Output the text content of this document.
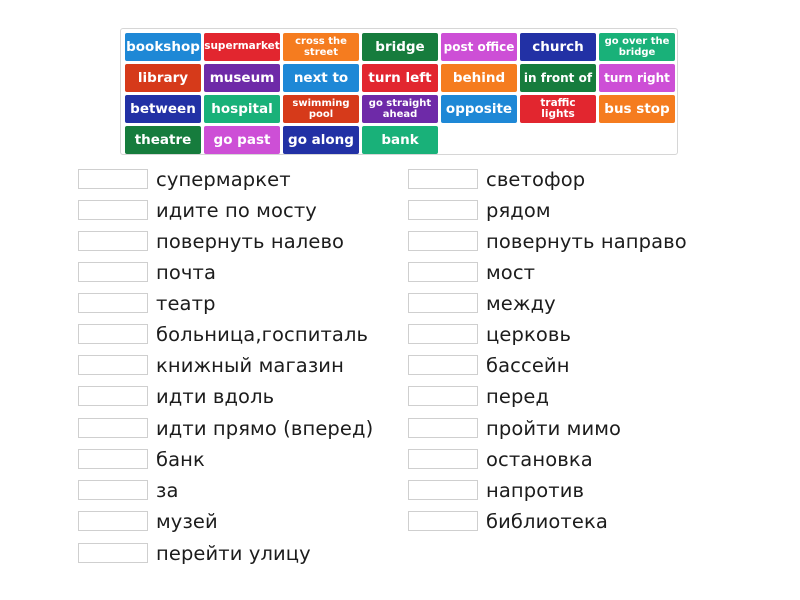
bookshop supermarket	cross the street	bridge	post office	church	go over the bridge
library	museum	next to	turn left	behind	in front of	turn right
between	hospital	swimming pool
go straight ahead	opposite	traffic lights	bus stop
theatre	go past	go along	bank
супермаркет
идите по мосту
повернуть налево
почта
театр
больница,госпиталь
книжный магазин
идти вдоль
идти прямо (вперед)
банк
за
музей
перейти улицу
светофор
рядом
повернуть направо
мост
между
церковь
бассейн
перед
пройти мимо
остановка
напротив
библиотека
